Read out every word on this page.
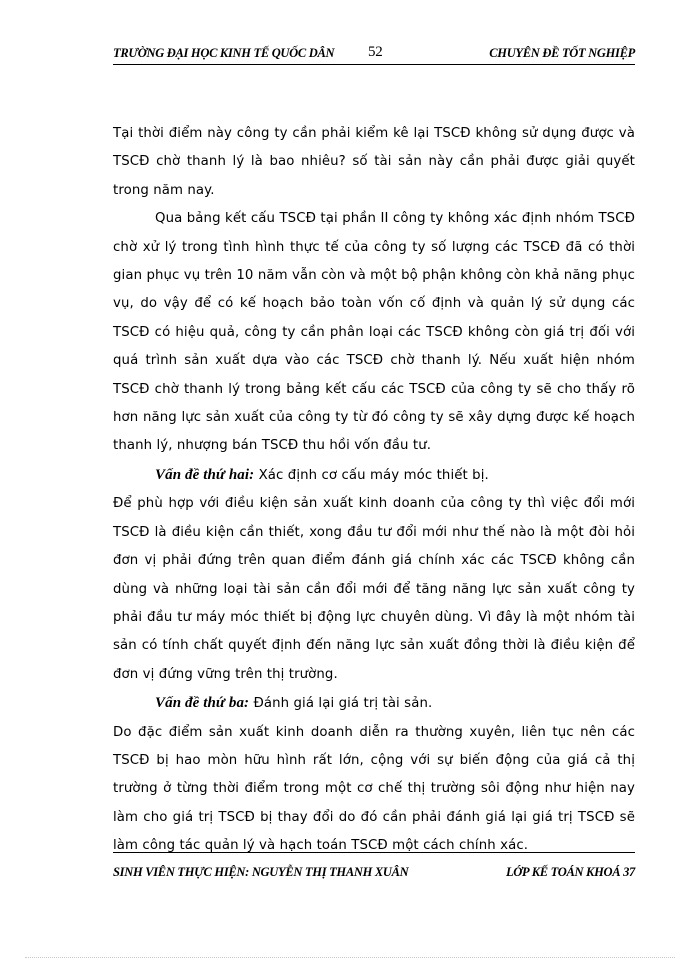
TRƯỜNG ĐẠI HỌC KINH TẾ QUỐC DÂN 52	CHUYÊN ĐỀ TỐT NGHIỆP

Tại thời điểm này công ty cần phải kiểm kê lại TSCĐ không sử dụng được và TSCĐ chờ thanh lý là bao nhiêu? số tài sản này cần phải được giải quyết trong năm nay.

Qua bảng kết cấu TSCĐ tại phần II công ty không xác định nhóm TSCĐ chờ xử lý trong tình hình thực tế của công ty số lượng các TSCĐ đã có thời gian phục vụ trên 10 năm vẫn còn và một bộ phận không còn khả năng phục vụ, do vậy để có kế hoạch bảo toàn vốn cố định và quản lý sử dụng các TSCĐ có hiệu quả, công ty cần phân loại các TSCĐ không còn giá trị đối với quá trình sản xuất dựa vào các TSCĐ chờ thanh lý. Nếu xuất hiện nhóm TSCĐ chờ thanh lý trong bảng kết cấu các TSCĐ của công ty sẽ cho thấy rõ hơn năng lực sản xuất của công ty từ đó công ty sẽ xây dựng được kế hoạch thanh lý, nhượng bán TSCĐ thu hồi vốn đầu tư.

Vấn đề thứ hai: Xác định cơ cấu máy móc thiết bị.

Để phù hợp với điều kiện sản xuất kinh doanh của công ty thì việc đổi mới TSCĐ là điều kiện cần thiết, xong đầu tư đổi mới như thế nào là một đòi hỏi đơn vị phải đứng trên quan điểm đánh giá chính xác các TSCĐ không cần dùng và những loại tài sản cần đổi mới để tăng năng lực sản xuất công ty phải đầu tư máy móc thiết bị động lực chuyên dùng. Vì đây là một nhóm tài sản có tính chất quyết định đến năng lực sản xuất đồng thời là điều kiện để đơn vị đứng vững trên thị trường.

Vấn đề thứ ba: Đánh giá lại giá trị tài sản.

Do đặc điểm sản xuất kinh doanh diễn ra thường xuyên, liên tục nên các TSCĐ bị hao mòn hữu hình rất lớn, cộng với sự biến động của giá cả thị trường ở từng thời điểm trong một cơ chế thị trường sôi động như hiện nay làm cho giá trị TSCĐ bị thay đổi do đó cần phải đánh giá lại giá trị TSCĐ sẽ làm công tác quản lý và hạch toán TSCĐ một cách chính xác.

SINH VIÊN THỰC HIỆN: NGUYỄN THỊ THANH XUÂN	LỚP KẾ TOÁN KHOÁ 37
